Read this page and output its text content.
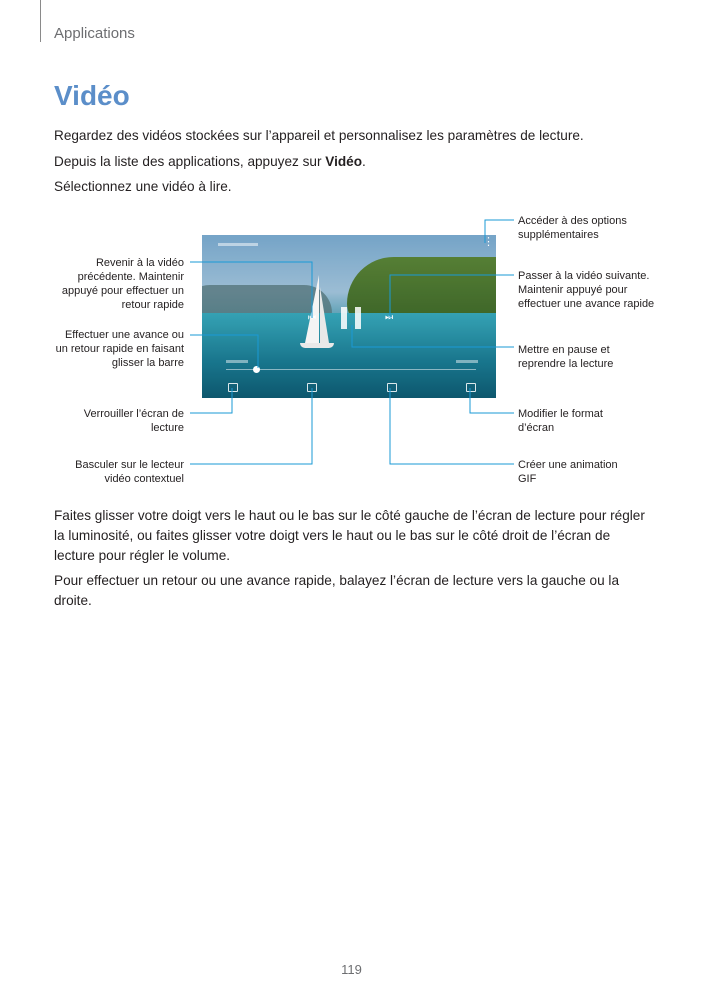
Applications
Vidéo

Regardez des vidéos stockées sur l’appareil et personnalisez les paramètres de lecture.

Depuis la liste des applications, appuyez sur Vidéo.

Sélectionnez une vidéo à lire.

⋮
⏮	⏭
Accéder à des options supplémentaires
Revenir à la vidéo précédente. Maintenir appuyé pour effectuer un retour rapide
Passer à la vidéo suivante. Maintenir appuyé pour effectuer une avance rapide
Effectuer une avance ou un retour rapide en faisant glisser la barre
Mettre en pause et reprendre la lecture
Verrouiller l’écran de lecture
Modifier le format d’écran
Basculer sur le lecteur vidéo contextuel
Créer une animation GIF

Faites glisser votre doigt vers le haut ou le bas sur le côté gauche de l’écran de lecture pour régler la luminosité, ou faites glisser votre doigt vers le haut ou le bas sur le côté droit de l’écran de lecture pour régler le volume.

Pour effectuer un retour ou une avance rapide, balayez l’écran de lecture vers la gauche ou la droite.

119
